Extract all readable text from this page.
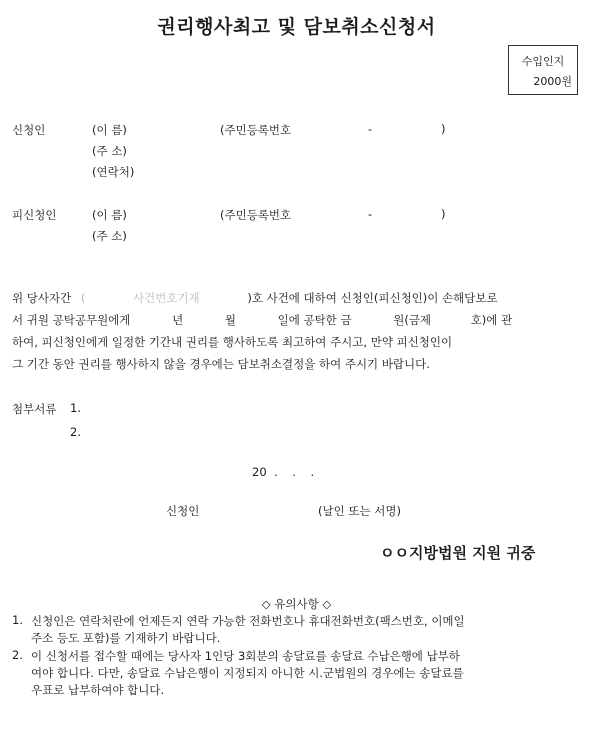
권리행사최고 및 담보취소신청서
수입인지
2000원
신청인	(이 름)	(주민등록번호	-	)
(주 소)
(연락처)
피신청인	(이 름)	(주민등록번호	-	)
(주 소)
위 당사자간 (	사건번호기재	)호 사건에 대하여 신청인(피신청인)이 손해담보로
서 귀원 공탁공무원에게	년	월	일에 공탁한 금	원(금제	호)에 관
하여, 피신청인에게 일정한 기간내 권리를 행사하도록 최고하여 주시고, 만약 피신청인이
그 기간 동안 권리를 행사하지 않을 경우에는 담보취소결정을 하여 주시기 바랍니다.
첨부서류 1.
2.
20  .    .    .
신청인	(날인 또는 서명)
ㅇㅇ지방법원 지원 귀중
◇ 유의사항 ◇
1. 신청인은 연락처란에 언제든지 연락 가능한 전화번호나 휴대전화번호(팩스번호, 이메일
주소 등도 포함)를 기재하기 바랍니다.
2. 이 신청서를 접수할 때에는 당사자 1인당 3회분의 송달료를 송달료 수납은행에 납부하
여야 합니다. 다만, 송달료 수납은행이 지정되지 아니한 시.군법원의 경우에는 송달료를
우표로 납부하여야 합니다.
